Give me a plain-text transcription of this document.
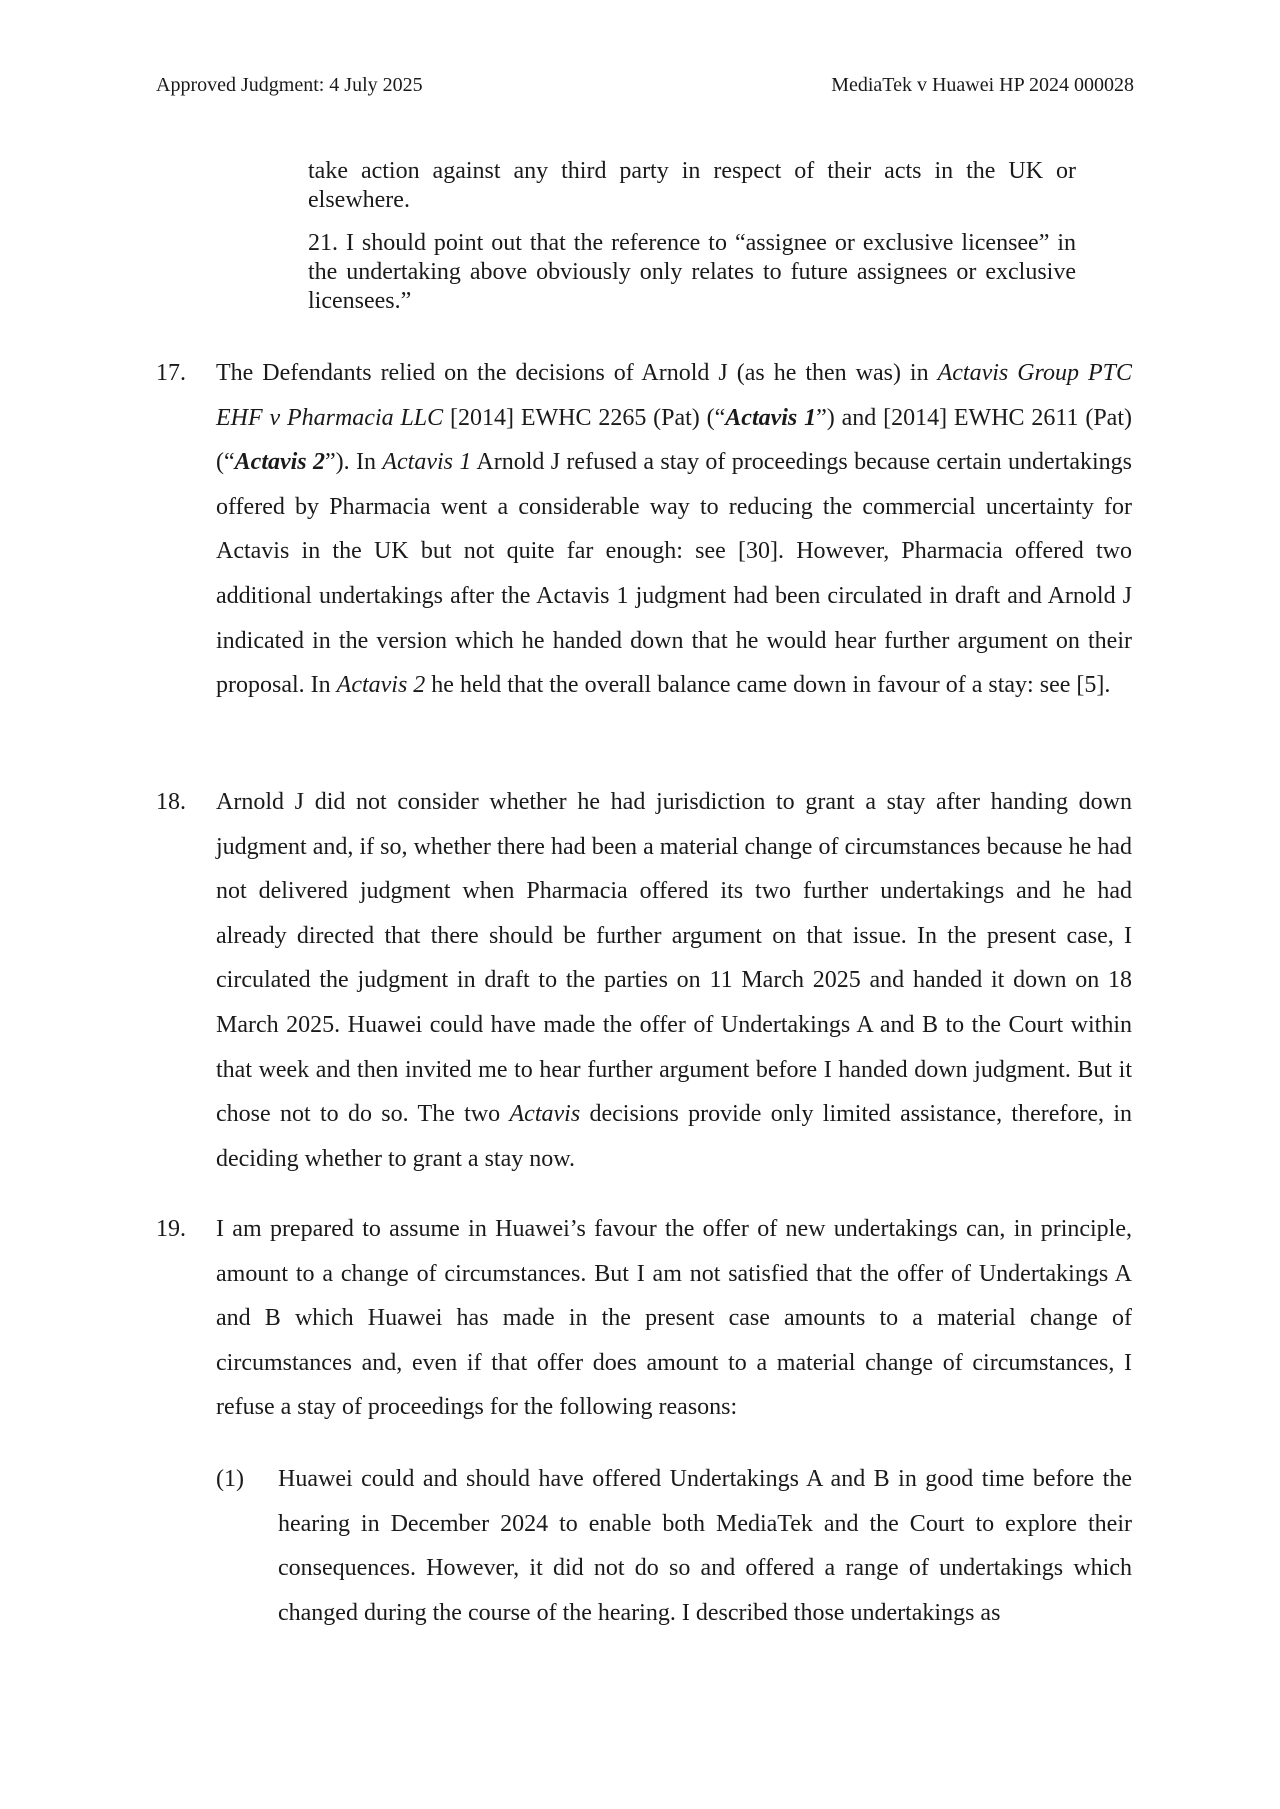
Approved Judgment: 4 July 2025	MediaTek v Huawei HP 2024 000028

take action against any third party in respect of their acts in the UK or elsewhere.

21. I should point out that the reference to “assignee or exclusive licensee” in the undertaking above obviously only relates to future assignees or exclusive licensees.”

17. The Defendants relied on the decisions of Arnold J (as he then was) in Actavis Group PTC EHF v Pharmacia LLC [2014] EWHC 2265 (Pat) (“Actavis 1”) and [2014] EWHC 2611 (Pat) (“Actavis 2”). In Actavis 1 Arnold J refused a stay of proceedings because certain undertakings offered by Pharmacia went a considerable way to reducing the commercial uncertainty for Actavis in the UK but not quite far enough: see [30]. However, Pharmacia offered two additional undertakings after the Actavis 1 judgment had been circulated in draft and Arnold J indicated in the version which he handed down that he would hear further argument on their proposal. In Actavis 2 he held that the overall balance came down in favour of a stay: see [5].
18. Arnold J did not consider whether he had jurisdiction to grant a stay after handing down judgment and, if so, whether there had been a material change of circumstances because he had not delivered judgment when Pharmacia offered its two further undertakings and he had already directed that there should be further argument on that issue. In the present case, I circulated the judgment in draft to the parties on 11 March 2025 and handed it down on 18 March 2025. Huawei could have made the offer of Undertakings A and B to the Court within that week and then invited me to hear further argument before I handed down judgment. But it chose not to do so. The two Actavis decisions provide only limited assistance, therefore, in deciding whether to grant a stay now.
19. I am prepared to assume in Huawei’s favour the offer of new undertakings can, in principle, amount to a change of circumstances. But I am not satisfied that the offer of Undertakings A and B which Huawei has made in the present case amounts to a material change of circumstances and, even if that offer does amount to a material change of circumstances, I refuse a stay of proceedings for the following reasons:
(1) Huawei could and should have offered Undertakings A and B in good time before the hearing in December 2024 to enable both MediaTek and the Court to explore their consequences. However, it did not do so and offered a range of undertakings which changed during the course of the hearing. I described those undertakings as
